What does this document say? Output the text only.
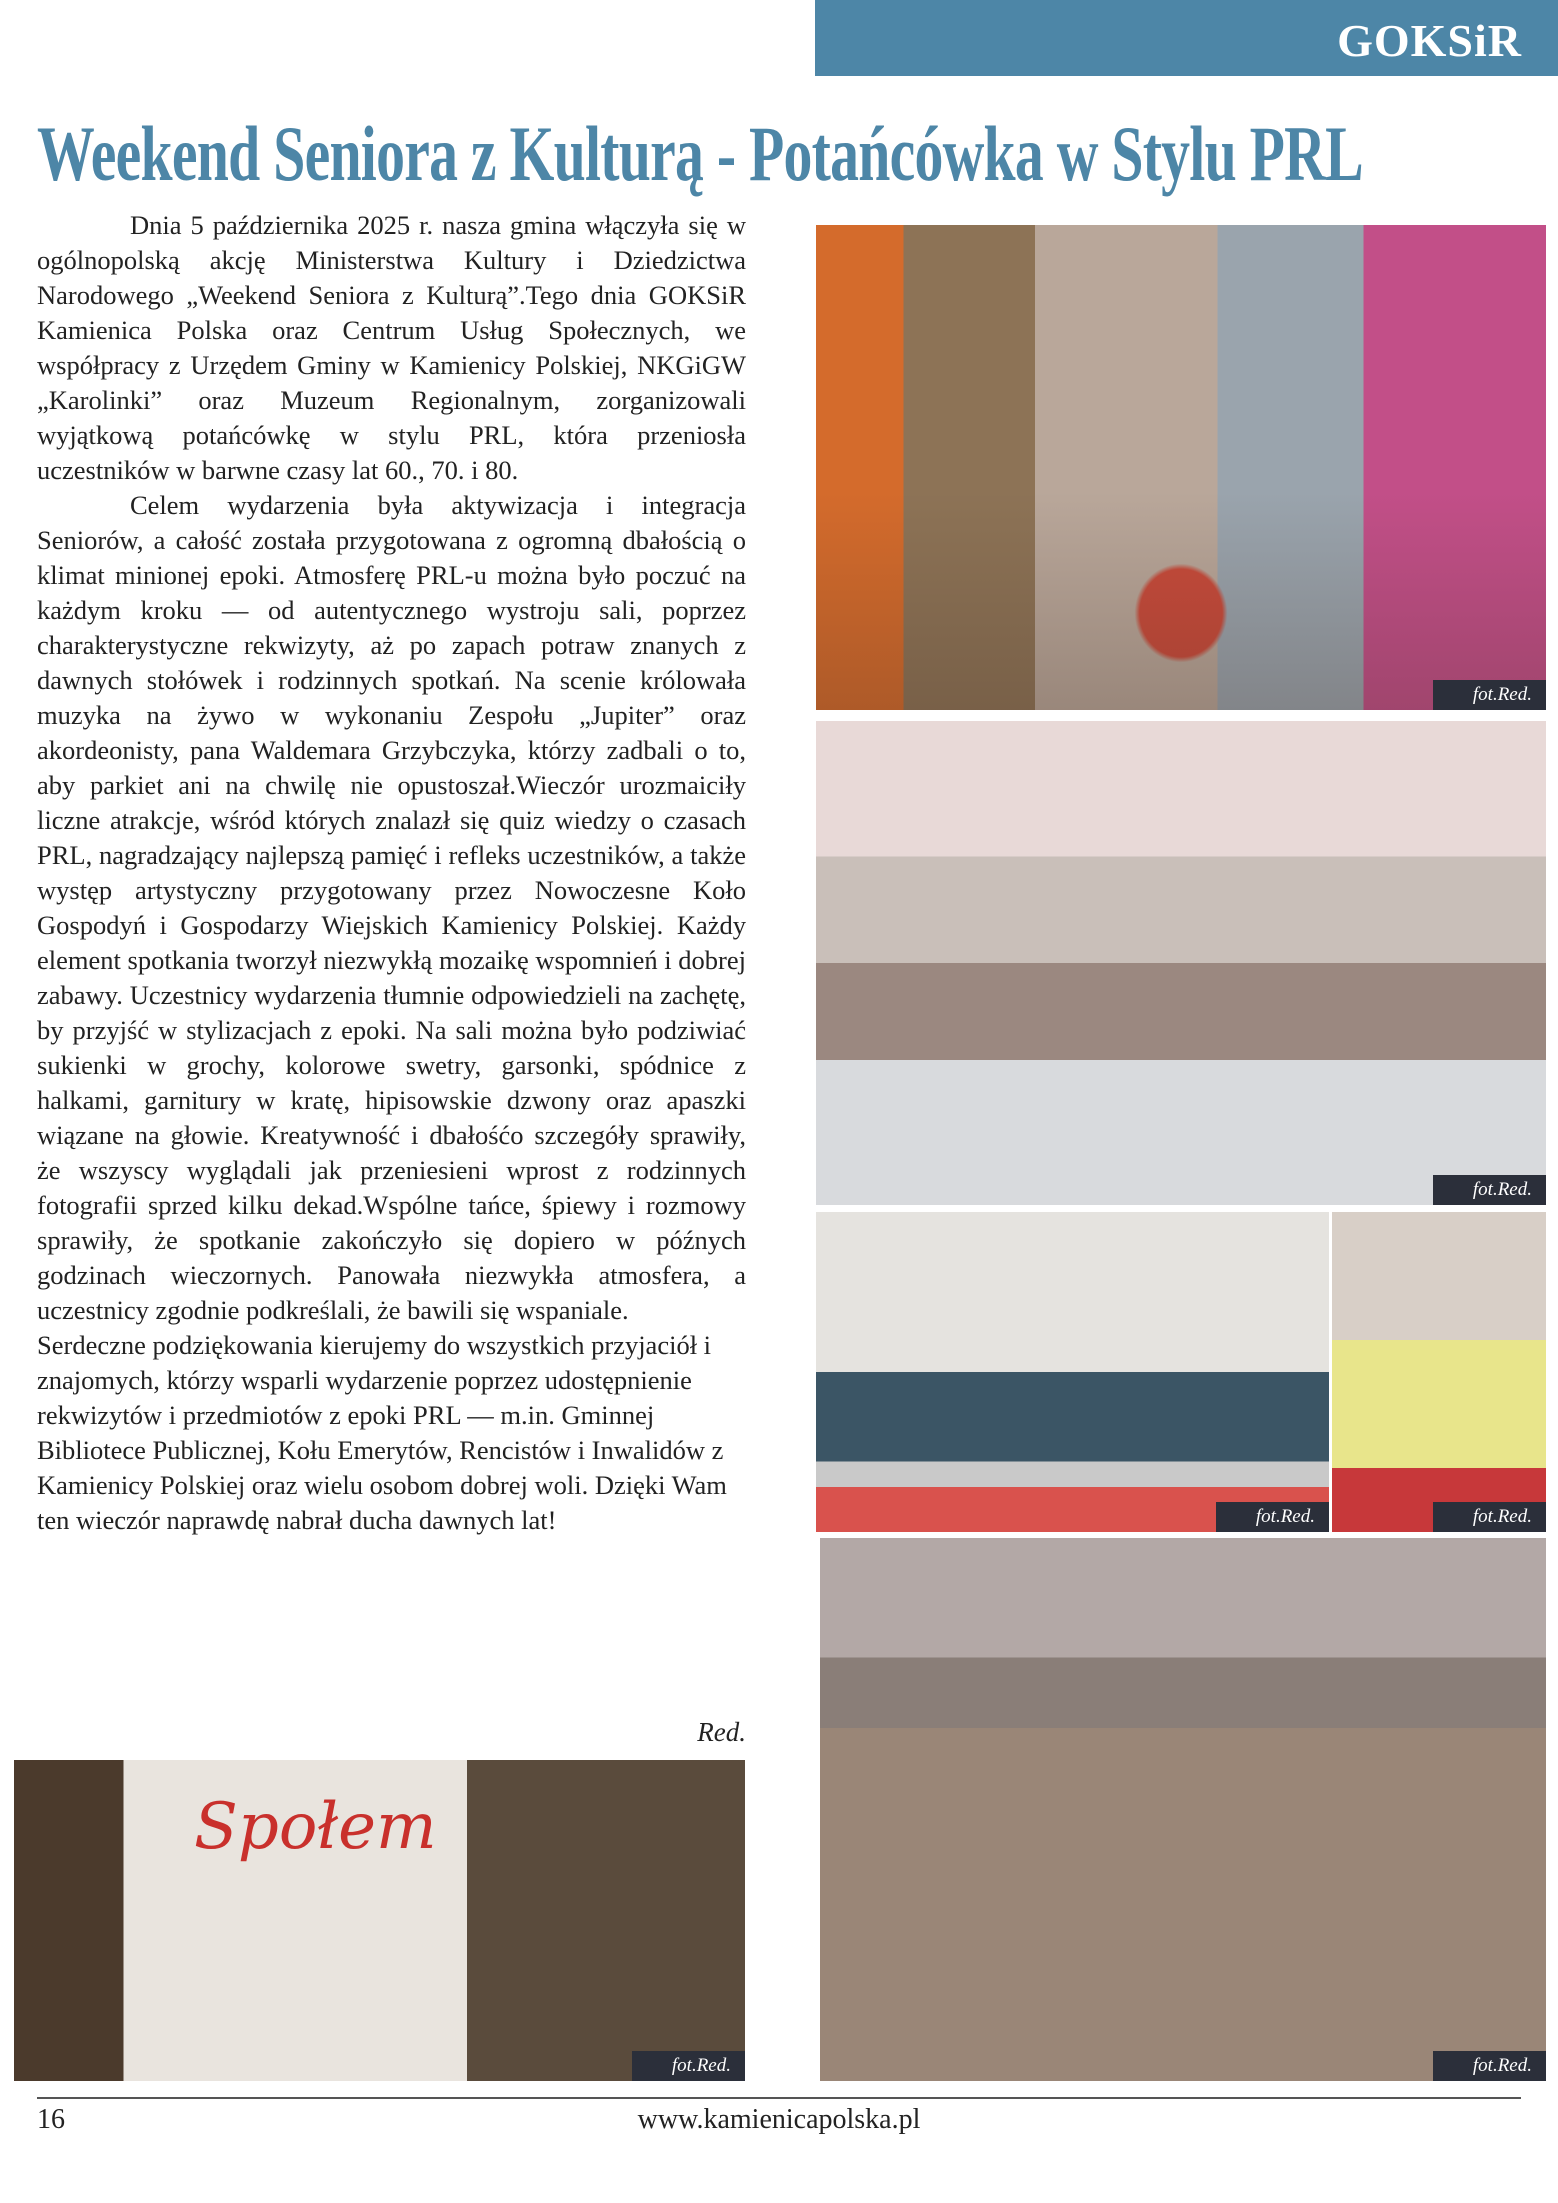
GOKSiR
Weekend Seniora z Kulturą - Potańcówka w Stylu PRL

Dnia 5 października 2025 r. nasza gmina włączyła się w ogólnopolską akcję Ministerstwa Kultury i Dziedzictwa Narodowego „Weekend Seniora z Kulturą”.Tego dnia GOKSiR Kamienica Polska oraz Centrum Usług Społecznych, we współpracy z Urzędem Gminy w Kamienicy Polskiej, NKGiGW „Karolinki” oraz Muzeum Regionalnym, zorganizowali wyjątkową potańcówkę w stylu PRL, która przeniosła uczestników w barwne czasy lat 60., 70. i 80.

Celem wydarzenia była aktywizacja i integracja Seniorów, a całość została przygotowana z ogromną dbałością o klimat minionej epoki. Atmosferę PRL-u można było poczuć na każdym kroku — od autentycznego wystroju sali, poprzez charakterystyczne rekwizyty, aż po zapach potraw znanych z dawnych stołówek i rodzinnych spotkań. Na scenie królowała muzyka na żywo w wykonaniu Zespołu „Jupiter” oraz akordeonisty, pana Waldemara Grzybczyka, którzy zadbali o to, aby parkiet ani na chwilę nie opustoszał.Wieczór urozmaiciły liczne atrakcje, wśród których znalazł się quiz wiedzy o czasach PRL, nagradzający najlepszą pamięć i refleks uczestników, a także występ artystyczny przygotowany przez Nowoczesne Koło Gospodyń i Gospodarzy Wiejskich Kamienicy Polskiej. Każdy element spotkania tworzył niezwykłą mozaikę wspomnień i dobrej zabawy. Uczestnicy wydarzenia tłumnie odpowiedzieli na zachętę, by przyjść w stylizacjach z epoki. Na sali można było podziwiać sukienki w grochy, kolorowe swetry, garsonki, spódnice z halkami, garnitury w kratę, hipisowskie dzwony oraz apaszki wiązane na głowie. Kreatywność i dbałośćo szczegóły sprawiły, że wszyscy wyglądali jak przeniesieni wprost z rodzinnych fotografii sprzed kilku dekad.Wspólne tańce, śpiewy i rozmowy sprawiły, że spotkanie zakończyło się dopiero w późnych godzinach wieczornych. Panowała niezwykła atmosfera, a uczestnicy zgodnie podkreślali, że bawili się wspaniale.

Serdeczne podziękowania kierujemy do wszystkich przyjaciół i znajomych, którzy wsparli wydarzenie poprzez udostępnienie rekwizytów i przedmiotów z epoki PRL — m.in. Gminnej Bibliotece Publicznej, Kołu Emerytów, Rencistów i Inwalidów z Kamienicy Polskiej oraz wielu osobom dobrej woli. Dzięki Wam ten wieczór naprawdę nabrał ducha dawnych lat!

Red.
fot.Red.
fot.Red.
fot.Red.	fot.Red.
fot.Red.
Społem
fot.Red.
16	www.kamienicapolska.pl
